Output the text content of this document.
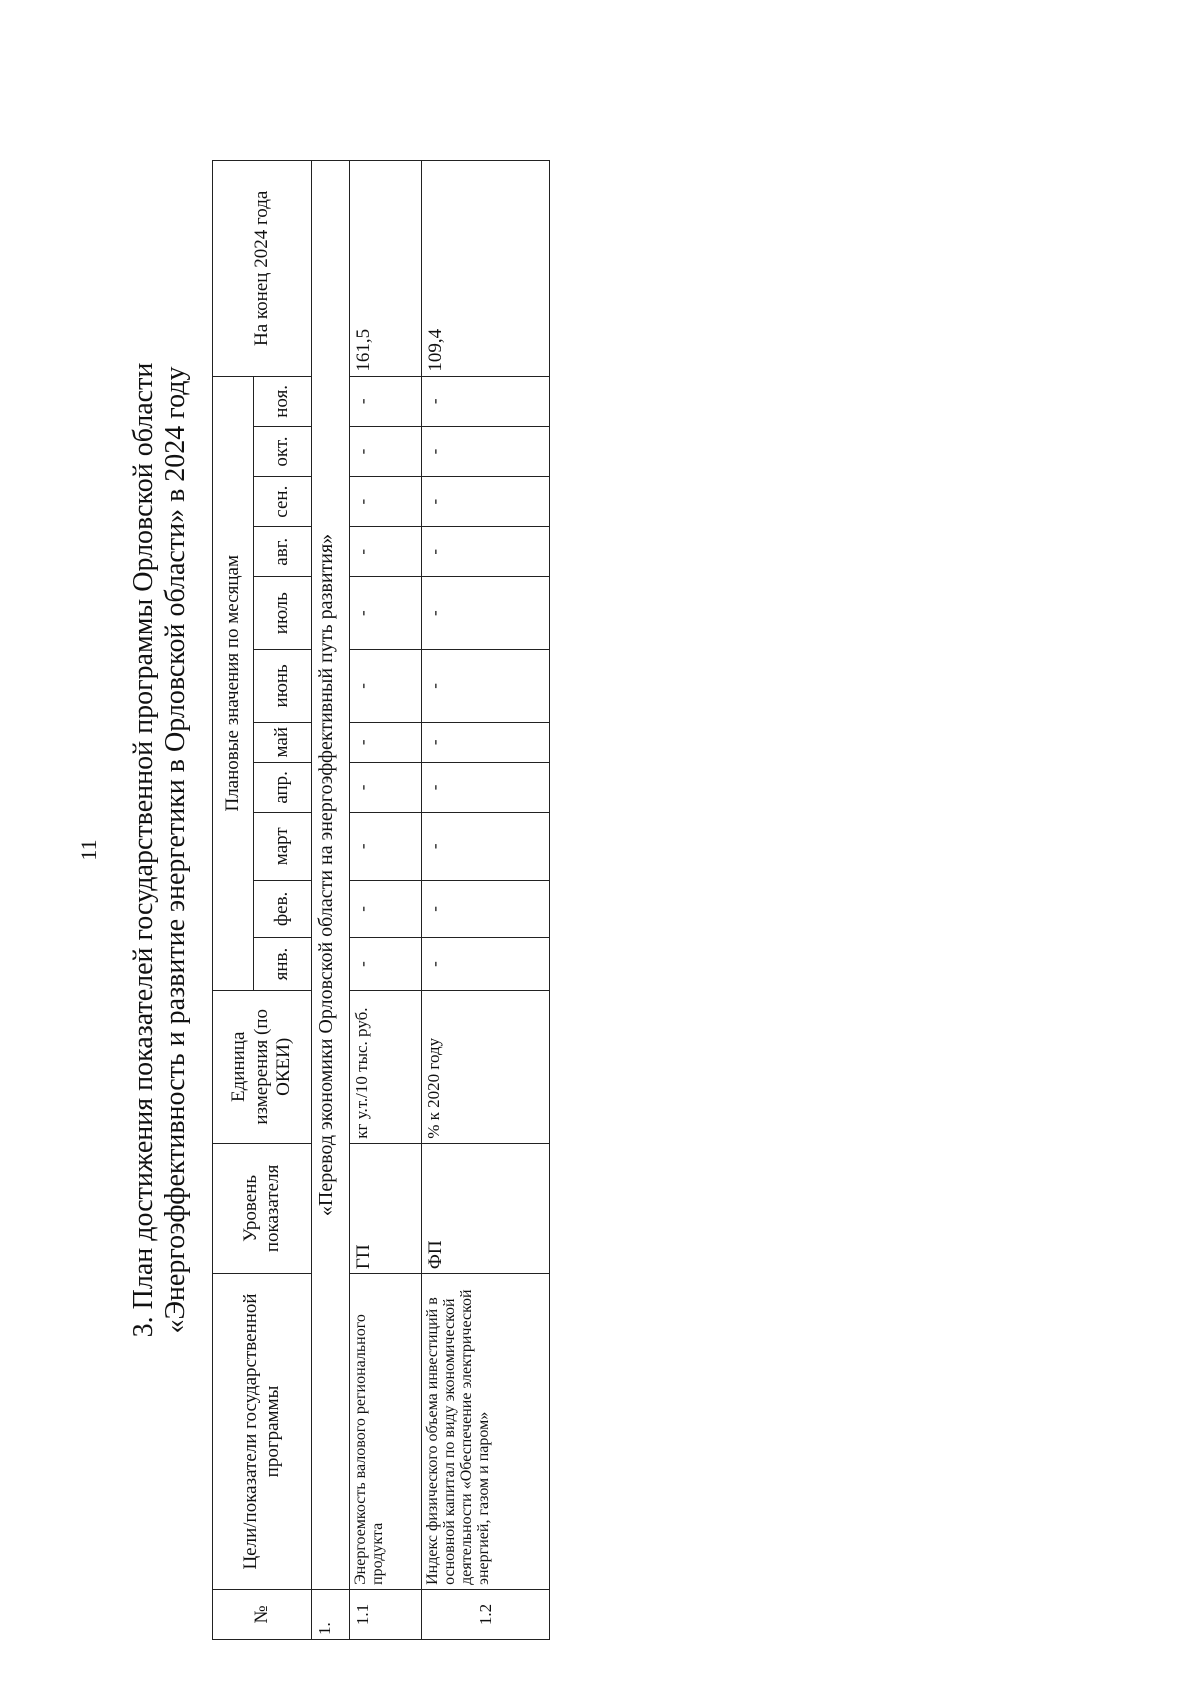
11 3. План достижения показателей государственной программы Орловской области «Энергоэффективность и развитие энергетики в Орловской области» в 2024 году
№	Цели/показатели государственной программы	Уровень показателя	Единица измерения (по ОКЕИ)	Плановые значения по месяцам											На конец 2024 года
				янв.	фев.	март	апр.	май	июнь	июль	авг.	сен.	окт.	ноя.	
1.	«Перевод экономики Орловской области на энергоэффективный путь развития»														
1.1	Энергоемкость валового регионального продукта	ГП	кг у.т./10 тыс. руб.	-	-	-	-	-	-	-	-	-	-	-	161,5
1.2	Индекс физического объема инвестиций в основной капитал по виду экономической деятельности «Обеспечение электрической энергией, газом и паром»	ФП	% к 2020 году	-	-	-	-	-	-	-	-	-	-	-	109,4
